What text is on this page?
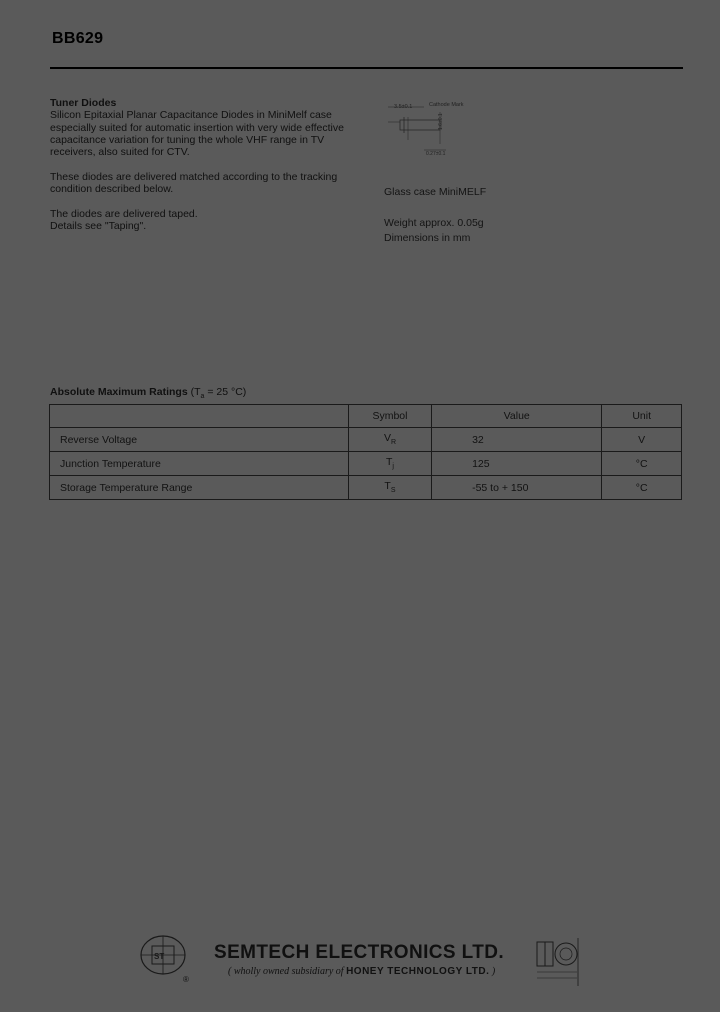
BB629
Tuner Diodes
Silicon Epitaxial Planar Capacitance Diodes in MiniMelf case especially suited for automatic insertion with very wide effective capacitance variation for tuning the whole VHF range in TV receivers, also suited for CTV.
These diodes are delivered matched according to the tracking condition described below.
The diodes are delivered taped.
Details see "Taping".
3.5±0.1	Cathode Mark
1.6±0.1
0.27±0.1
Glass case MiniMELF
Weight approx. 0.05g
Dimensions in mm
Absolute Maximum Ratings ($T_a = 25$ °C)
	Symbol	Value	Unit
Reverse Voltage	$V_R$	32	V
Junction Temperature	$T_j$	125	°C
Storage Temperature Range	$T_S$	-55 to + 150	°C
ST
®
SEMTECH ELECTRONICS LTD.
( wholly owned subsidiary of HONEY TECHNOLOGY LTD. )
